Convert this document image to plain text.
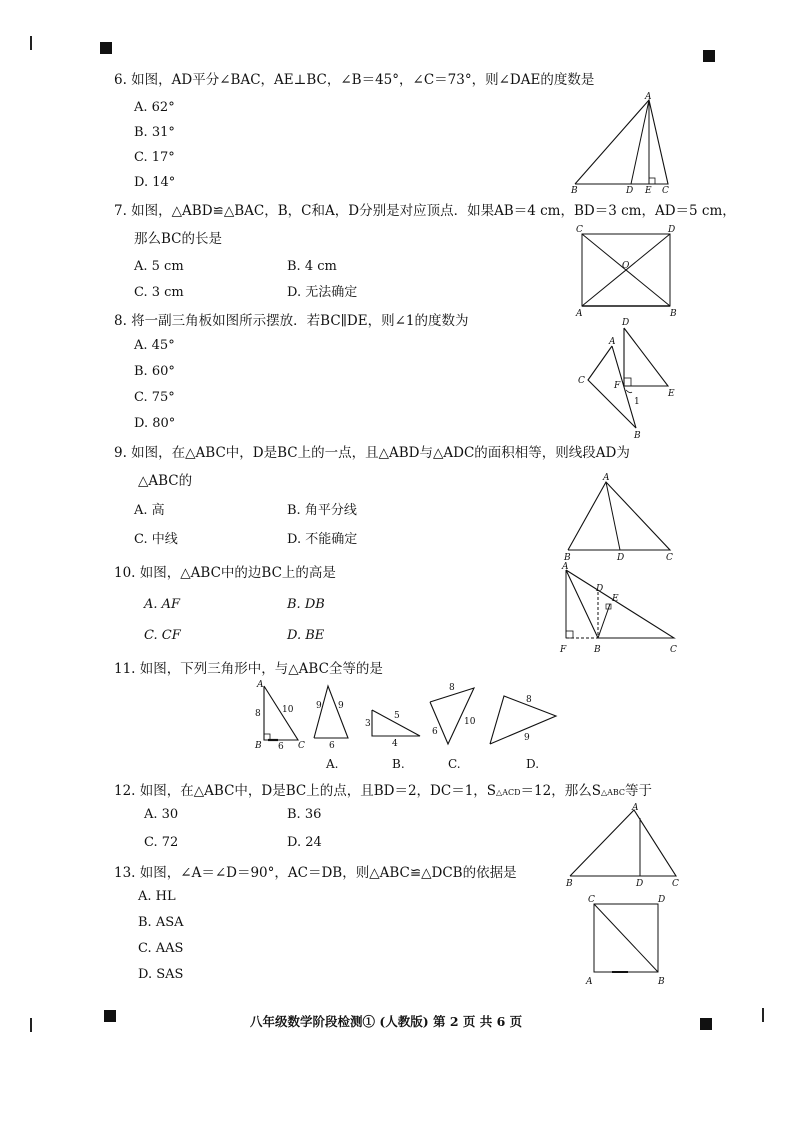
6. 如图，AD平分∠BAC，AE⊥BC，∠B＝45°，∠C＝73°，则∠DAE的度数是
A. 62°
B. 31°
C. 17°
D. 14°
A
B	D E C
7. 如图，△ABD≌△BAC，B，C和A，D分别是对应顶点．如果AB＝4 cm，BD＝3 cm，AD＝5 cm，
那么BC的长是
A. 5 cm	B. 4 cm
C. 3 cm	D. 无法确定
C	D
O
A	B
8. 将一副三角板如图所示摆放．若BC∥DE，则∠1的度数为
A. 45°
B. 60°
C. 75°
D. 80°
D
A
C	F
E
1
B
9. 如图，在△ABC中，D是BC上的一点，且△ABD与△ADC的面积相等，则线段AD为
△ABC的
A. 高	B. 角平分线
C. 中线	D. 不能确定
A
B	D	C
10. 如图，△ABC中的边BC上的高是
A. AF	B. DB
C. CF	D. BE
A
D
E
F	B	C
11. 如图，下列三角形中，与△ABC全等的是
A
B	C
8 10
6
9 9
6
A.
3
5
4
B.
8
6
10
C.
8
9
D.
12. 如图，在△ABC中，D是BC上的点，且BD＝2，DC＝1，S△ACD＝12，那么S△ABC等于
A. 30	B. 36
C. 72	D. 24
A
B	D	C
13. 如图，∠A＝∠D＝90°，AC＝DB，则△ABC≌△DCB的依据是
A. HL
B. ASA
C. AAS
D. SAS
C	D
A	B
八年级数学阶段检测① (人教版) 第 2 页 共 6 页
